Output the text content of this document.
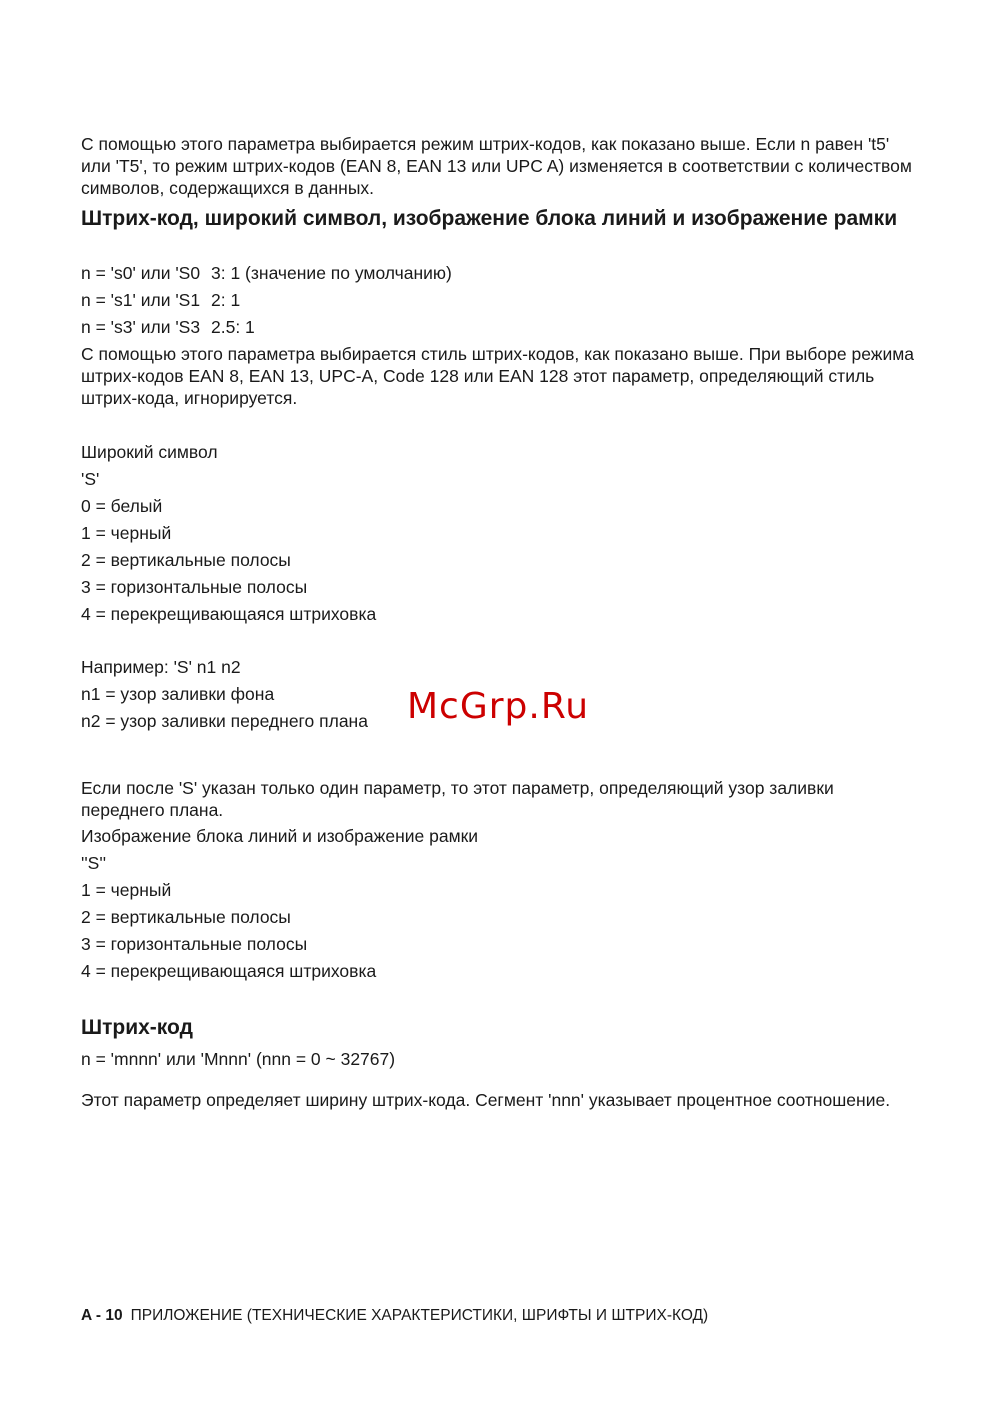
С помощью этого параметра выбирается режим штрих-кодов, как показано выше. Если n равен 't5' или 'T5', то режим штрих-кодов (EAN 8, EAN 13 или UPC A) изменяется в соответствии с количеством символов, содержащихся в данных.
Штрих-код, широкий символ, изображение блока линий и изображение рамки
n = 's0' или 'S0 3: 1 (значение по умолчанию)
n = 's1' или 'S1 2: 1
n = 's3' или 'S3 2.5: 1
С помощью этого параметра выбирается стиль штрих-кодов, как показано выше. При выборе режима штрих-кодов EAN 8, EAN 13, UPC-A, Code 128 или EAN 128 этот параметр, определяющий стиль штрих-кода, игнорируется.
Широкий символ
'S'
0 = белый
1 = черный
2 = вертикальные полосы
3 = горизонтальные полосы
4 = перекрещивающаяся штриховка
Например: 'S' n1 n2
n1 = узор заливки фона
n2 = узор заливки переднего плана
Если после 'S' указан только один параметр, то этот параметр, определяющий узор заливки переднего плана.
Изображение блока линий и изображение рамки
''S''
1 = черный
2 = вертикальные полосы
3 = горизонтальные полосы
4 = перекрещивающаяся штриховка
Штрих-код
n = 'mnnn' или 'Mnnn' (nnn = 0 ~ 32767)
Этот параметр определяет ширину штрих-кода. Сегмент 'nnn' указывает процентное соотношение.
McGrp.Ru
A - 10 ПРИЛОЖЕНИЕ (ТЕХНИЧЕСКИЕ ХАРАКТЕРИСТИКИ, ШРИФТЫ И ШТРИХ-КОД)
